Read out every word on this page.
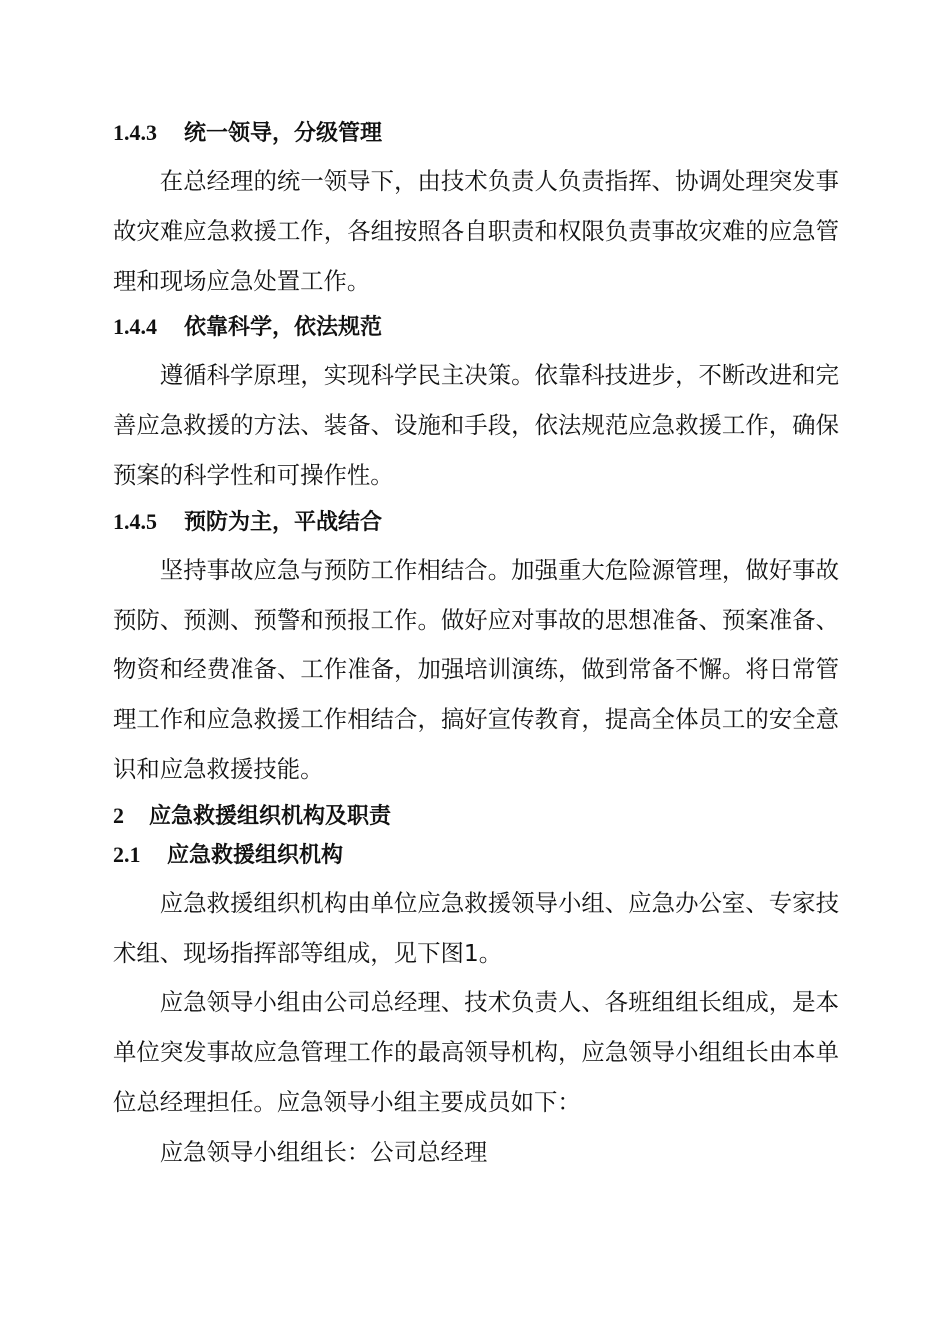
1.4.3 统一领导，分级管理

在总经理的统一领导下，由技术负责人负责指挥、协调处理突发事故灾难应急救援工作，各组按照各自职责和权限负责事故灾难的应急管理和现场应急处置工作。

1.4.4 依靠科学，依法规范

遵循科学原理，实现科学民主决策。依靠科技进步，不断改进和完善应急救援的方法、装备、设施和手段，依法规范应急救援工作，确保预案的科学性和可操作性。

1.4.5 预防为主，平战结合

坚持事故应急与预防工作相结合。加强重大危险源管理，做好事故预防、预测、预警和预报工作。做好应对事故的思想准备、预案准备、物资和经费准备、工作准备，加强培训演练，做到常备不懈。将日常管理工作和应急救援工作相结合，搞好宣传教育，提高全体员工的安全意识和应急救援技能。

2 应急救援组织机构及职责
2.1 应急救援组织机构

应急救援组织机构由单位应急救援领导小组、应急办公室、专家技术组、现场指挥部等组成，见下图1。

应急领导小组由公司总经理、技术负责人、各班组组长组成，是本单位突发事故应急管理工作的最高领导机构，应急领导小组组长由本单位总经理担任。应急领导小组主要成员如下：

应急领导小组组长：公司总经理
